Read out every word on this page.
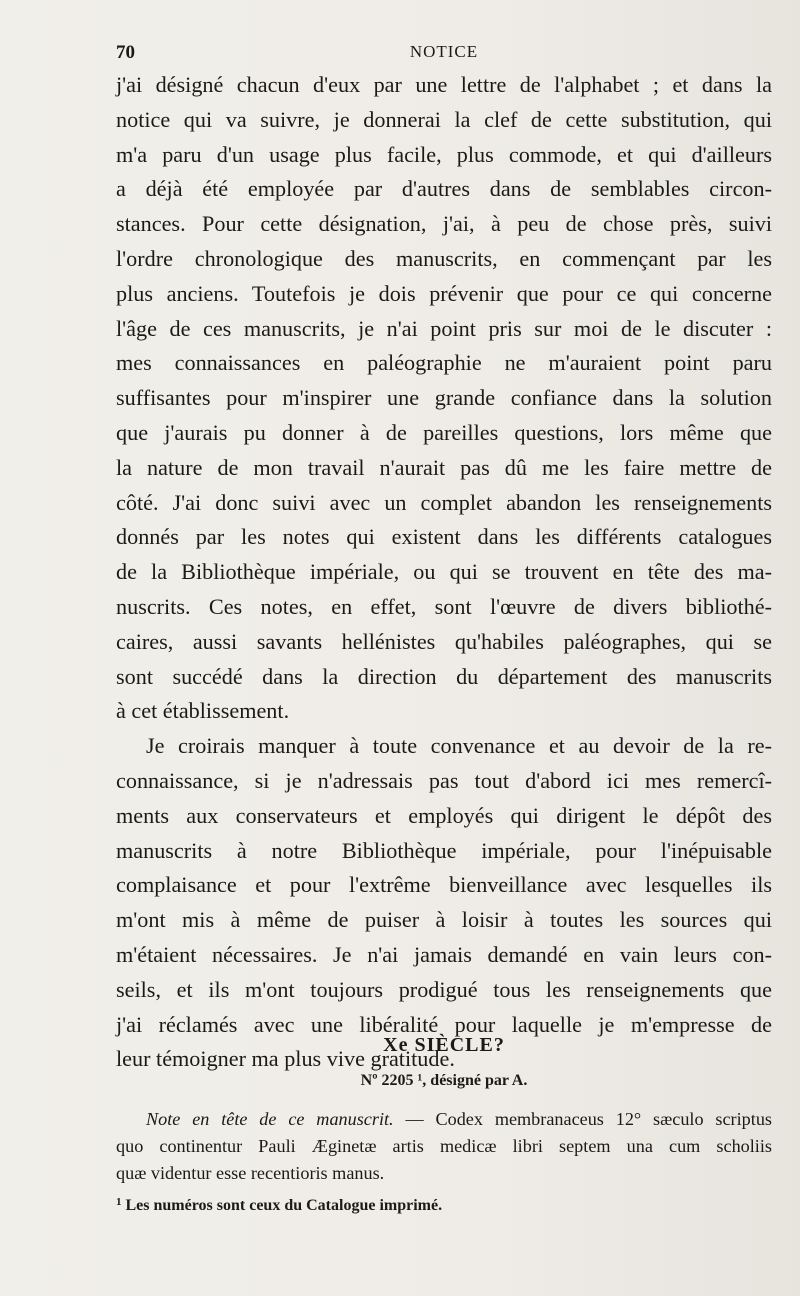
70	NOTICE
j'ai désigné chacun d'eux par une lettre de l'alphabet ; et dans la
notice qui va suivre, je donnerai la clef de cette substitution, qui
m'a paru d'un usage plus facile, plus commode, et qui d'ailleurs
a déjà été employée par d'autres dans de semblables circon-
stances. Pour cette désignation, j'ai, à peu de chose près, suivi
l'ordre chronologique des manuscrits, en commençant par les
plus anciens. Toutefois je dois prévenir que pour ce qui concerne
l'âge de ces manuscrits, je n'ai point pris sur moi de le discuter :
mes connaissances en paléographie ne m'auraient point paru
suffisantes pour m'inspirer une grande confiance dans la solution
que j'aurais pu donner à de pareilles questions, lors même que
la nature de mon travail n'aurait pas dû me les faire mettre de
côté. J'ai donc suivi avec un complet abandon les renseignements
donnés par les notes qui existent dans les différents catalogues
de la Bibliothèque impériale, ou qui se trouvent en tête des ma-
nuscrits. Ces notes, en effet, sont l'œuvre de divers bibliothé-
caires, aussi savants hellénistes qu'habiles paléographes, qui se
sont succédé dans la direction du département des manuscrits
à cet établissement.
Je croirais manquer à toute convenance et au devoir de la re-
connaissance, si je n'adressais pas tout d'abord ici mes remercî-
ments aux conservateurs et employés qui dirigent le dépôt des
manuscrits à notre Bibliothèque impériale, pour l'inépuisable
complaisance et pour l'extrême bienveillance avec lesquelles ils
m'ont mis à même de puiser à loisir à toutes les sources qui
m'étaient nécessaires. Je n'ai jamais demandé en vain leurs con-
seils, et ils m'ont toujours prodigué tous les renseignements que
j'ai réclamés avec une libéralité pour laquelle je m'empresse de
leur témoigner ma plus vive gratitude.
Xe SIÈCLE?
Nº 2205 ¹, désigné par A.
Note en tête de ce manuscrit. — Codex membranaceus 12° sæculo scriptus
quo continentur Pauli Æginetæ artis medicæ libri septem una cum scholiis
quæ videntur esse recentioris manus.
$^1$ Les numéros sont ceux du Catalogue imprimé.
